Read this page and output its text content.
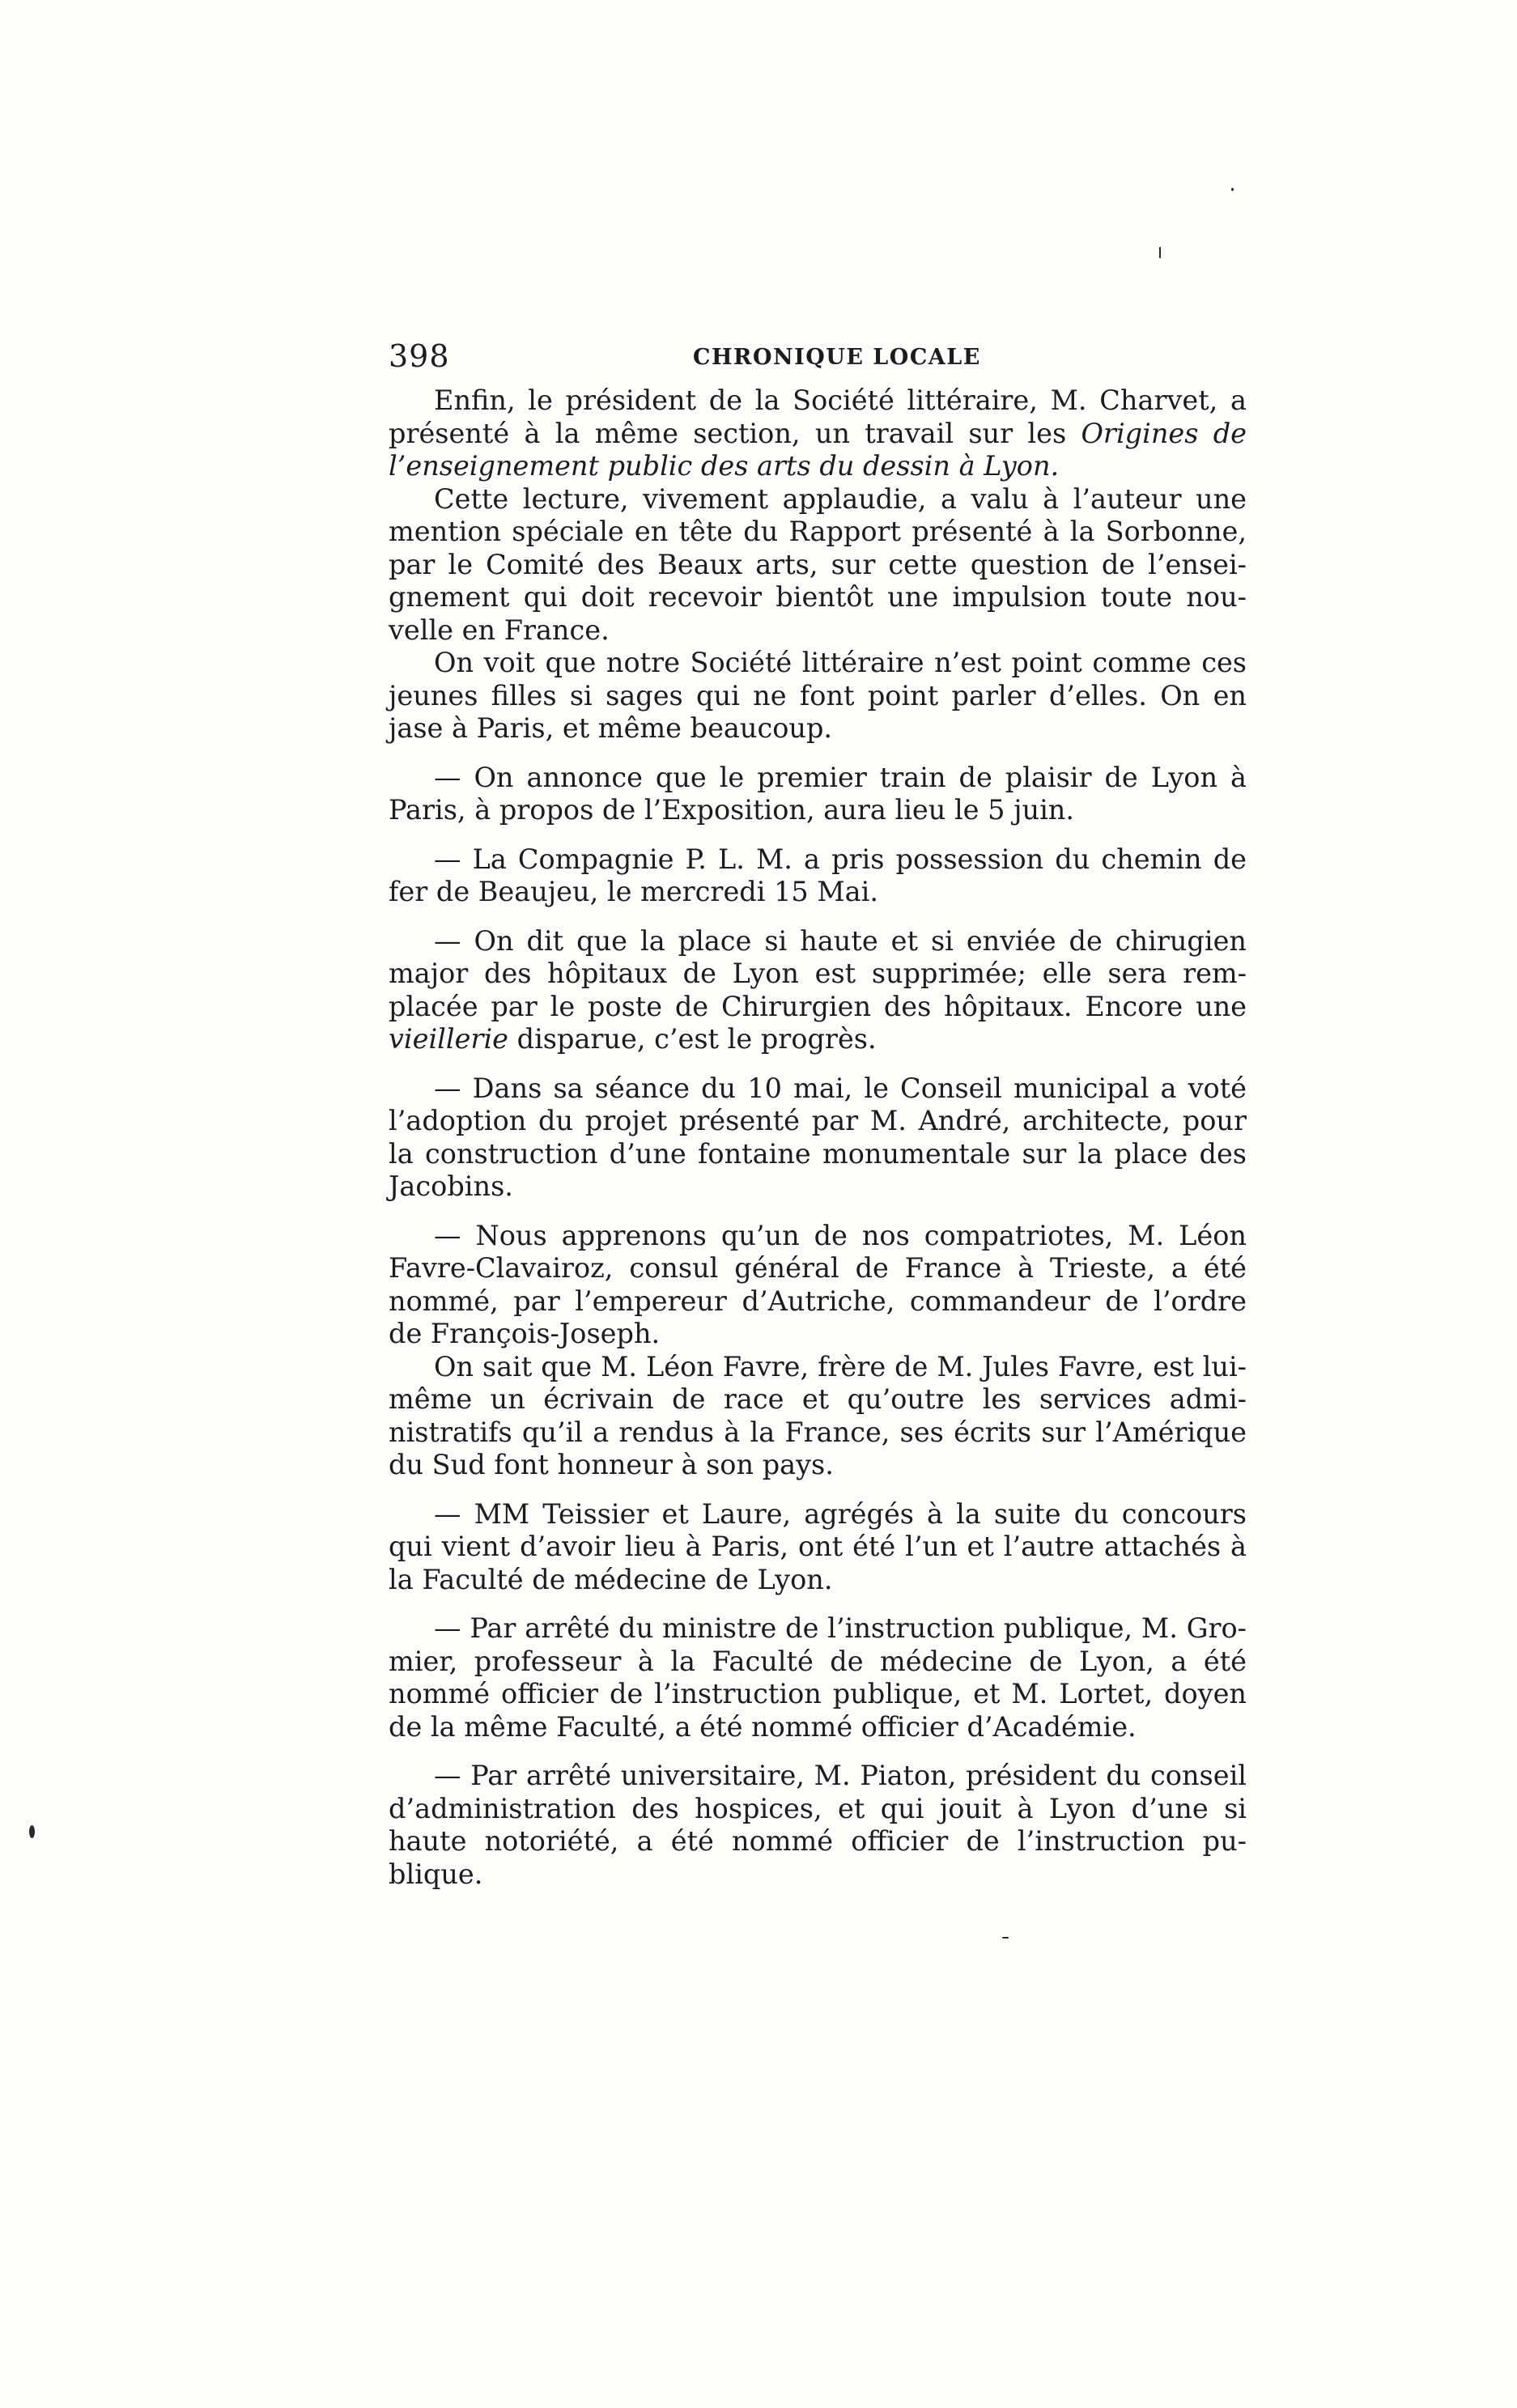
398	CHRONIQUE LOCALE

Enfin, le président de la Société littéraire, M. Charvet, a présenté à la même section, un travail sur les Origines de l’enseignement public des arts du dessin à Lyon.

Cette lecture, vivement applaudie, a valu à l’auteur une mention spéciale en tête du Rapport présenté à la Sorbonne, par le Comité des Beaux arts, sur cette question de l’enseignement qui doit recevoir bientôt une impulsion toute nouvelle en France.

On voit que notre Société littéraire n’est point comme ces jeunes filles si sages qui ne font point parler d’elles. On en jase à Paris, et même beaucoup.

— On annonce que le premier train de plaisir de Lyon à Paris, à propos de l’Exposition, aura lieu le 5 juin.

— La Compagnie P. L. M. a pris possession du chemin de fer de Beaujeu, le mercredi 15 Mai.

— On dit que la place si haute et si enviée de chirugien major des hôpitaux de Lyon est supprimée; elle sera remplacée par le poste de Chirurgien des hôpitaux. Encore une vieillerie disparue, c’est le progrès.

— Dans sa séance du 10 mai, le Conseil municipal a voté l’adoption du projet présenté par M. André, architecte, pour la construction d’une fontaine monumentale sur la place des Jacobins.

— Nous apprenons qu’un de nos compatriotes, M. Léon Favre-Clavairoz, consul général de France à Trieste, a été nommé, par l’empereur d’Autriche, commandeur de l’ordre de François-Joseph.

On sait que M. Léon Favre, frère de M. Jules Favre, est lui-même un écrivain de race et qu’outre les services administratifs qu’il a rendus à la France, ses écrits sur l’Amérique du Sud font honneur à son pays.

— MM Teissier et Laure, agrégés à la suite du concours qui vient d’avoir lieu à Paris, ont été l’un et l’autre attachés à la Faculté de médecine de Lyon.

— Par arrêté du ministre de l’instruction publique, M. Gromier, professeur à la Faculté de médecine de Lyon, a été nommé officier de l’instruction publique, et M. Lortet, doyen de la même Faculté, a été nommé officier d’Académie.

— Par arrêté universitaire, M. Piaton, président du conseil d’administration des hospices, et qui jouit à Lyon d’une si haute notoriété, a été nommé officier de l’instruction publique.
